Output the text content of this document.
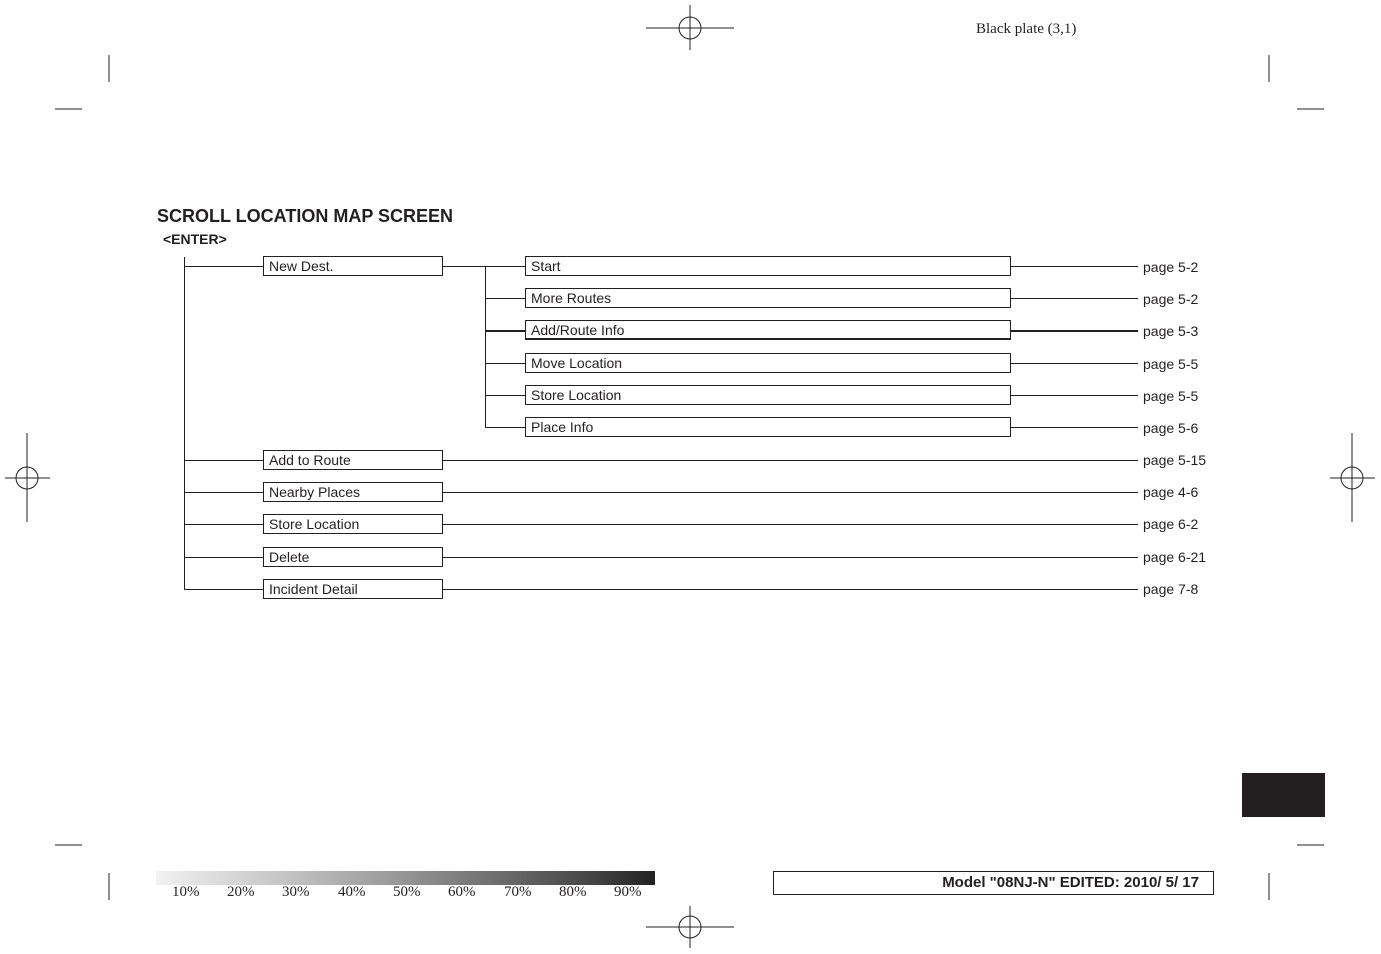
Black plate (3,1)
SCROLL LOCATION MAP SCREEN
<ENTER>
New Dest.
Add to Route	page 5-15
Nearby Places	page 4-6
Store Location	page 6-2
Delete	page 6-21
Incident Detail	page 7-8
Start	page 5-2
More Routes	page 5-2
Add/Route Info	page 5-3
Move Location	page 5-5
Store Location	page 5-5
Place Info	page 5-6
10% 20% 30% 40% 50% 60% 70% 80% 90%
Model "08NJ-N" EDITED: 2010/ 5/ 17
